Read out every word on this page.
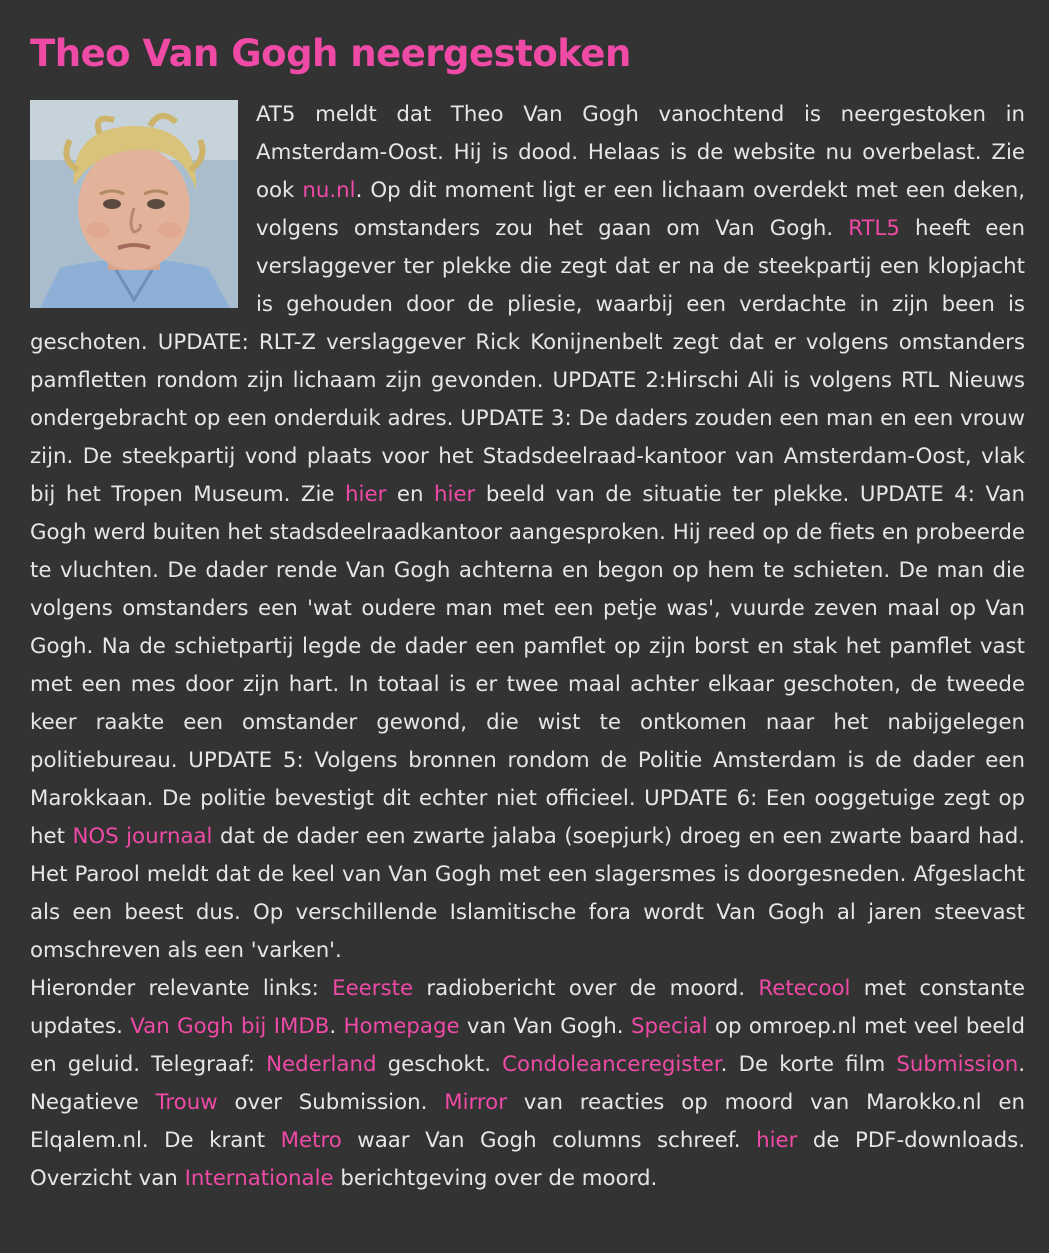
Theo Van Gogh neergestoken

AT5 meldt dat Theo Van Gogh vanochtend is neergestoken in Amsterdam-Oost. Hij is dood. Helaas is de website nu overbelast. Zie ook nu.nl. Op dit moment ligt er een lichaam overdekt met een deken, volgens omstanders zou het gaan om Van Gogh. RTL5 heeft een verslaggever ter plekke die zegt dat er na de steekpartij een klopjacht is gehouden door de pliesie, waarbij een verdachte in zijn been is geschoten. UPDATE: RLT-Z verslaggever Rick Konijnenbelt zegt dat er volgens omstanders pamfletten rondom zijn lichaam zijn gevonden. UPDATE 2:Hirschi Ali is volgens RTL Nieuws ondergebracht op een onderduik adres. UPDATE 3: De daders zouden een man en een vrouw zijn. De steekpartij vond plaats voor het Stadsdeelraad-kantoor van Amsterdam-Oost, vlak bij het Tropen Museum. Zie hier en hier beeld van de situatie ter plekke. UPDATE 4: Van Gogh werd buiten het stadsdeelraadkantoor aangesproken. Hij reed op de fiets en probeerde te vluchten. De dader rende Van Gogh achterna en begon op hem te schieten. De man die volgens omstanders een 'wat oudere man met een petje was', vuurde zeven maal op Van Gogh. Na de schietpartij legde de dader een pamflet op zijn borst en stak het pamflet vast met een mes door zijn hart. In totaal is er twee maal achter elkaar geschoten, de tweede keer raakte een omstander gewond, die wist te ontkomen naar het nabijgelegen politiebureau. UPDATE 5: Volgens bronnen rondom de Politie Amsterdam is de dader een Marokkaan. De politie bevestigt dit echter niet officieel. UPDATE 6: Een ooggetuige zegt op het NOS journaal dat de dader een zwarte jalaba (soepjurk) droeg en een zwarte baard had. Het Parool meldt dat de keel van Van Gogh met een slagersmes is doorgesneden. Afgeslacht als een beest dus. Op verschillende Islamitische fora wordt Van Gogh al jaren steevast omschreven als een 'varken'.

Hieronder relevante links: Eeerste radiobericht over de moord. Retecool met constante updates. Van Gogh bij IMDB. Homepage van Van Gogh. Special op omroep.nl met veel beeld en geluid. Telegraaf: Nederland geschokt. Condoleanceregister. De korte film Submission. Negatieve Trouw over Submission. Mirror van reacties op moord van Marokko.nl en Elqalem.nl. De krant Metro waar Van Gogh columns schreef. hier de PDF-downloads. Overzicht van Internationale berichtgeving over de moord.
